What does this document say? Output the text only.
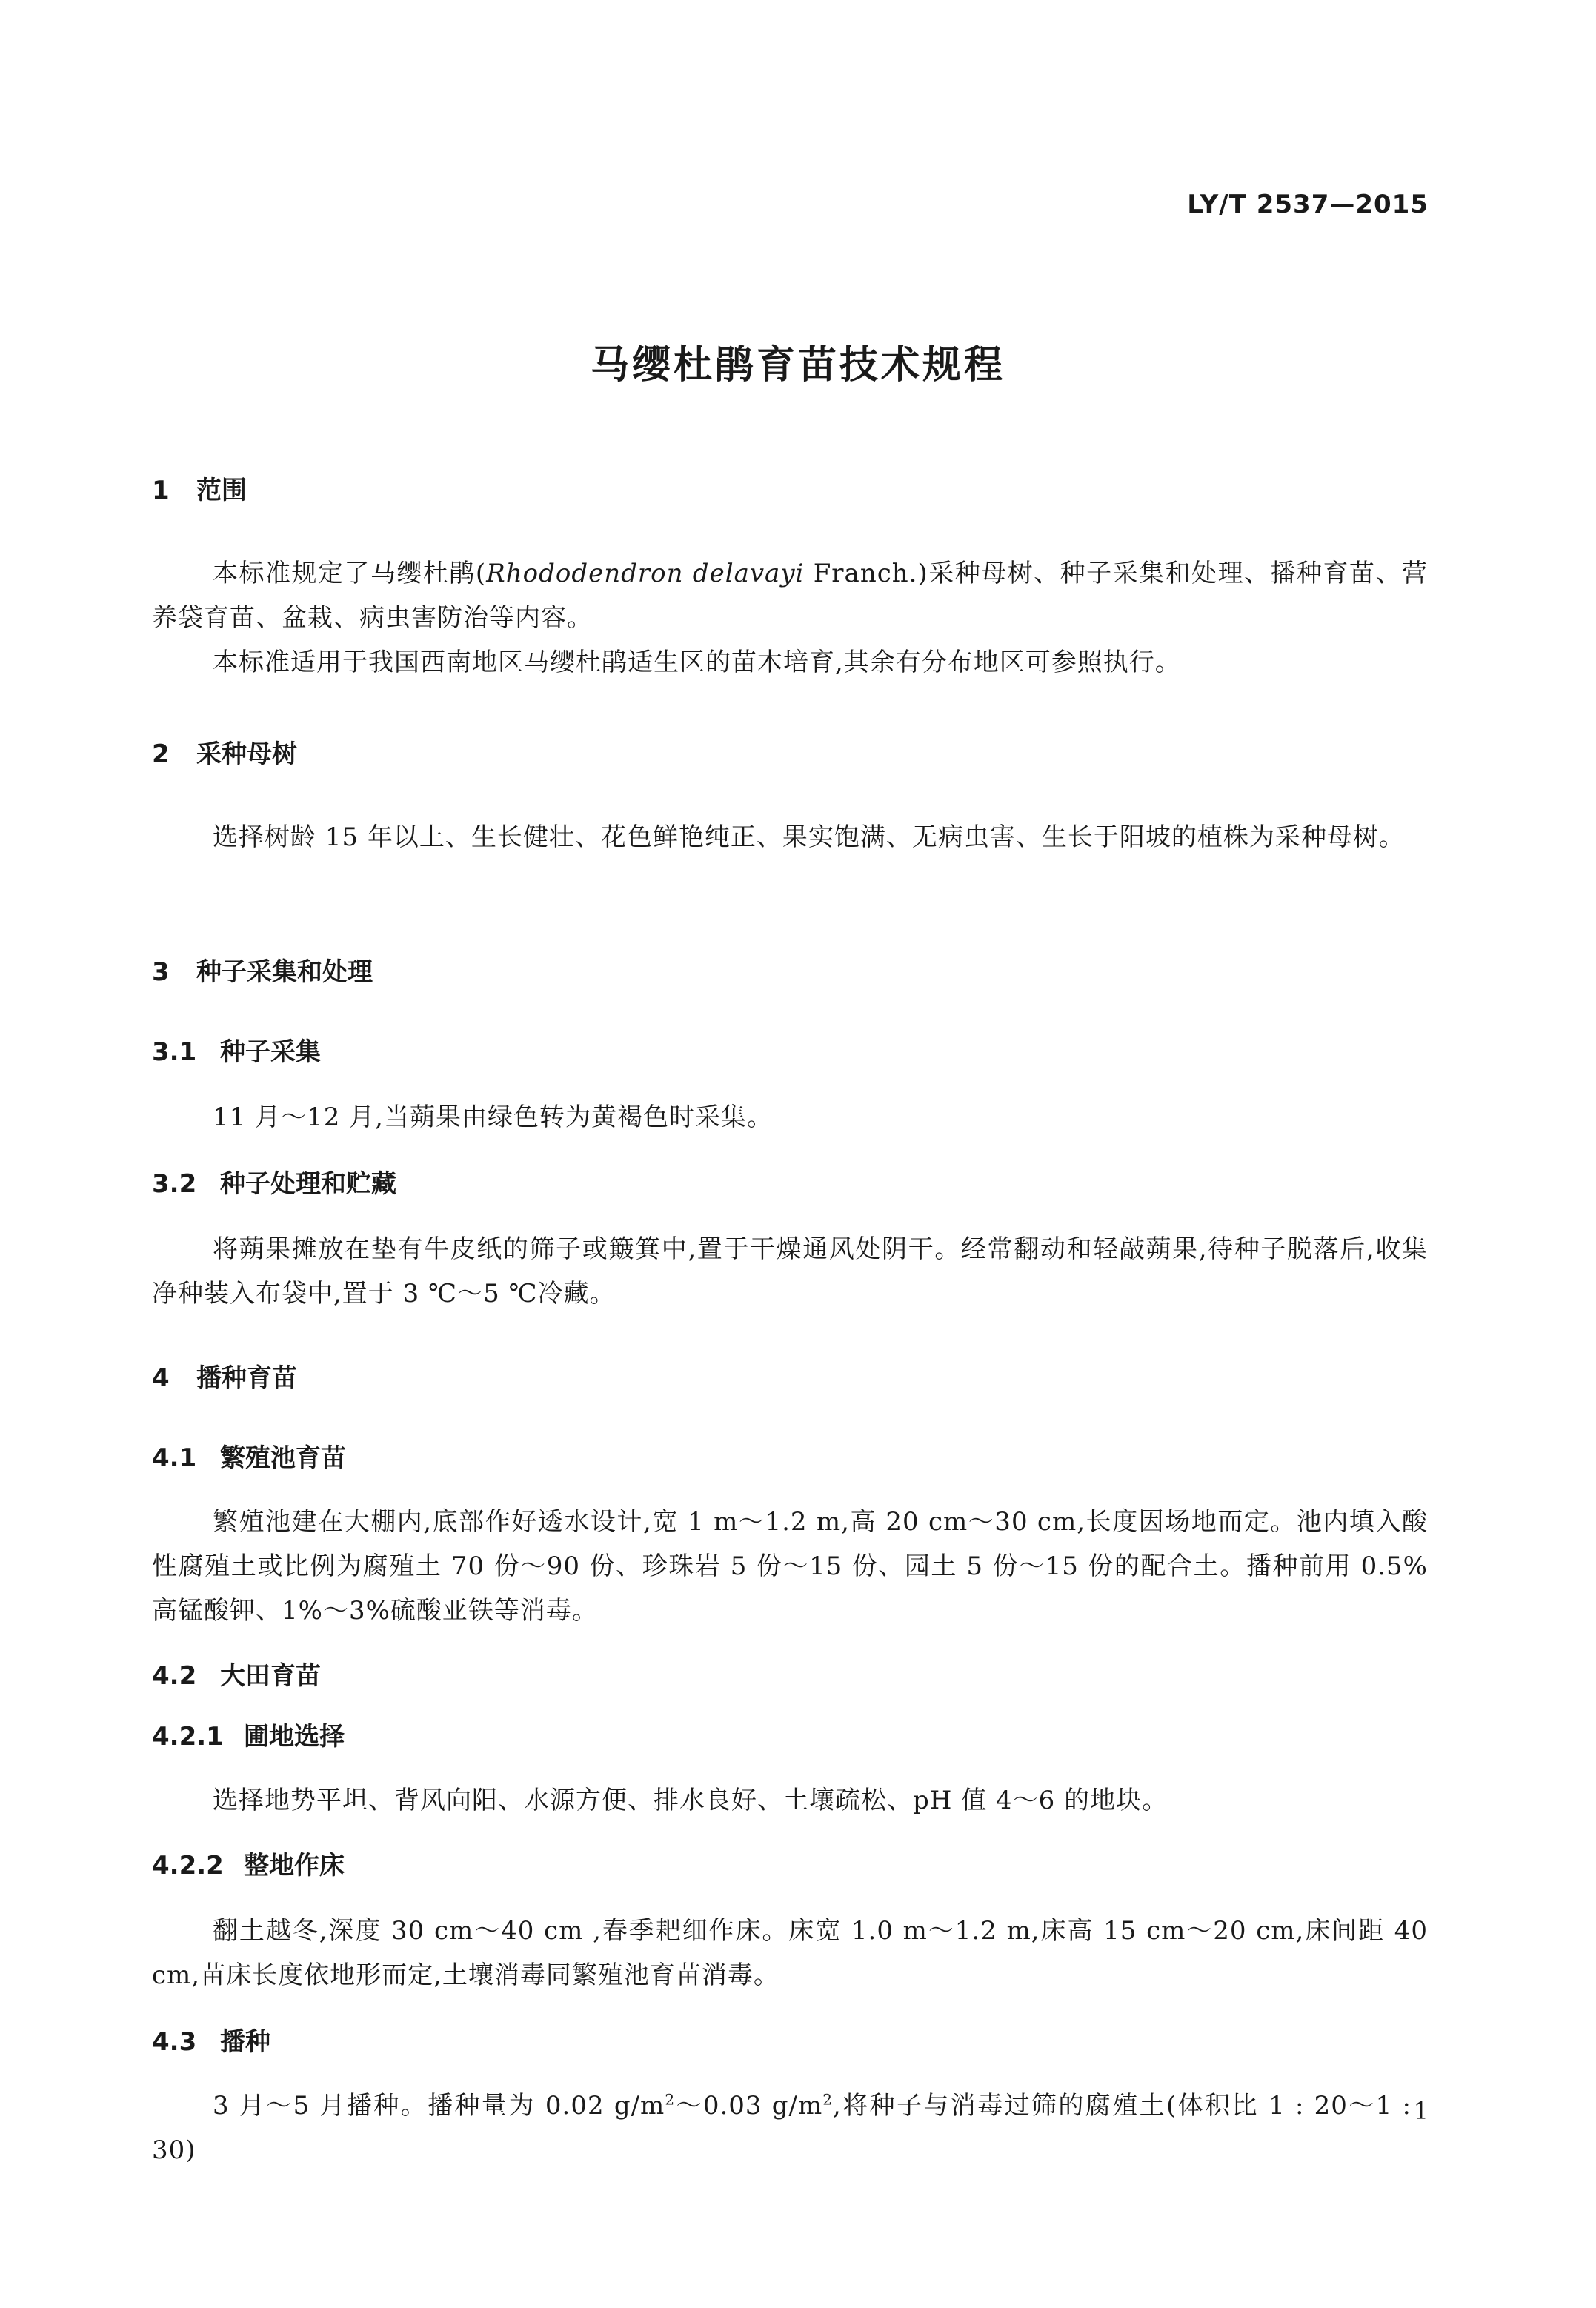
LY/T 2537—2015
马缨杜鹃育苗技术规程
1 范围
本标准规定了马缨杜鹃(Rhododendron delavayi Franch.)采种母树、种子采集和处理、播种育苗、营养袋育苗、盆栽、病虫害防治等内容。
本标准适用于我国西南地区马缨杜鹃适生区的苗木培育,其余有分布地区可参照执行。
2 采种母树
选择树龄 15 年以上、生长健壮、花色鲜艳纯正、果实饱满、无病虫害、生长于阳坡的植株为采种母树。
3 种子采集和处理
3.1 种子采集
11 月～12 月,当蒴果由绿色转为黄褐色时采集。
3.2 种子处理和贮藏
将蒴果摊放在垫有牛皮纸的筛子或簸箕中,置于干燥通风处阴干。经常翻动和轻敲蒴果,待种子脱落后,收集净种装入布袋中,置于 3 ℃～5 ℃冷藏。
4 播种育苗
4.1 繁殖池育苗
繁殖池建在大棚内,底部作好透水设计,宽 1 m～1.2 m,高 20 cm～30 cm,长度因场地而定。池内填入酸性腐殖土或比例为腐殖土 70 份～90 份、珍珠岩 5 份～15 份、园土 5 份～15 份的配合土。播种前用 0.5%高锰酸钾、1%～3%硫酸亚铁等消毒。
4.2 大田育苗
4.2.1 圃地选择
选择地势平坦、背风向阳、水源方便、排水良好、土壤疏松、pH 值 4～6 的地块。
4.2.2 整地作床
翻土越冬,深度 30 cm～40 cm ,春季耙细作床。床宽 1.0 m～1.2 m,床高 15 cm～20 cm,床间距 40 cm,苗床长度依地形而定,土壤消毒同繁殖池育苗消毒。
4.3 播种
3 月～5 月播种。播种量为 0.02 $g/m^2\sim 0.03$ $g/m^2$,将种子与消毒过筛的腐殖土(体积比 1 : 20～1 : 30)
1
